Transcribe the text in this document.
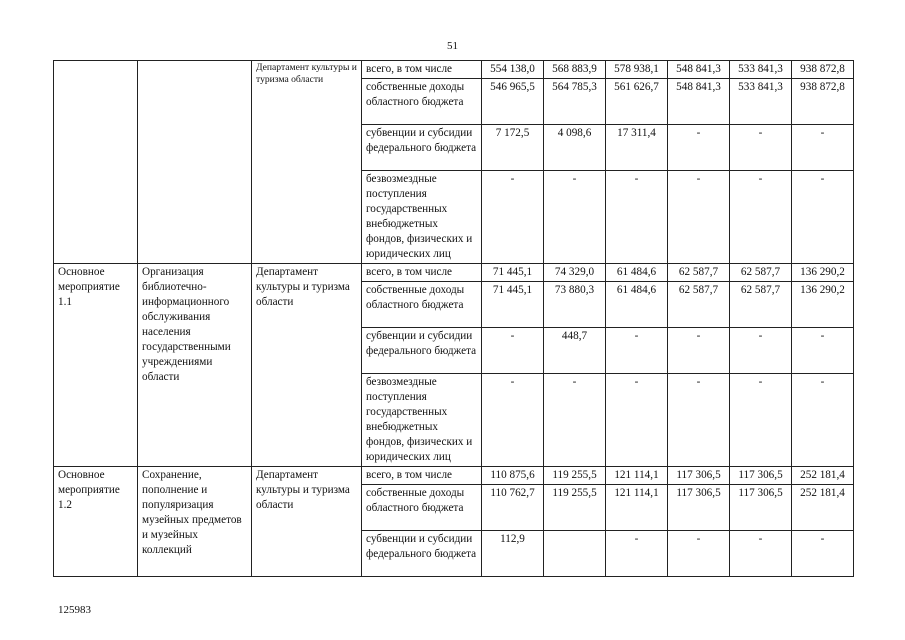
51
		Департамент культуры и туризма области	всего, в том числе	554 138,0	568 883,9	578 938,1	548 841,3	533 841,3	938 872,8
			собственные доходы областного бюджета	546 965,5	564 785,3	561 626,7	548 841,3	533 841,3	938 872,8
			субвенции и субсидии федерального бюджета	7 172,5	4 098,6	17 311,4	-	-	-
			безвозмездные поступления государственных внебюджетных фондов, физических и юридических лиц	-	-	-	-	-	-
Основное мероприятие 1.1	Организация библиотечно-информационного обслуживания населения государственными учреждениями области	Департамент культуры и туризма области	всего, в том числе	71 445,1	74 329,0	61 484,6	62 587,7	62 587,7	136 290,2
			собственные доходы областного бюджета	71 445,1	73 880,3	61 484,6	62 587,7	62 587,7	136 290,2
			субвенции и субсидии федерального бюджета	-	448,7	-	-	-	-
			безвозмездные поступления государственных внебюджетных фондов, физических и юридических лиц	-	-	-	-	-	-
Основное мероприятие 1.2	Сохранение, пополнение и популяризация музейных предметов и музейных коллекций	Департамент культуры и туризма области	всего, в том числе	110 875,6	119 255,5	121 114,1	117 306,5	117 306,5	252 181,4
			собственные доходы областного бюджета	110 762,7	119 255,5	121 114,1	117 306,5	117 306,5	252 181,4
			субвенции и субсидии федерального бюджета	112,9		-	-	-	-
125983
